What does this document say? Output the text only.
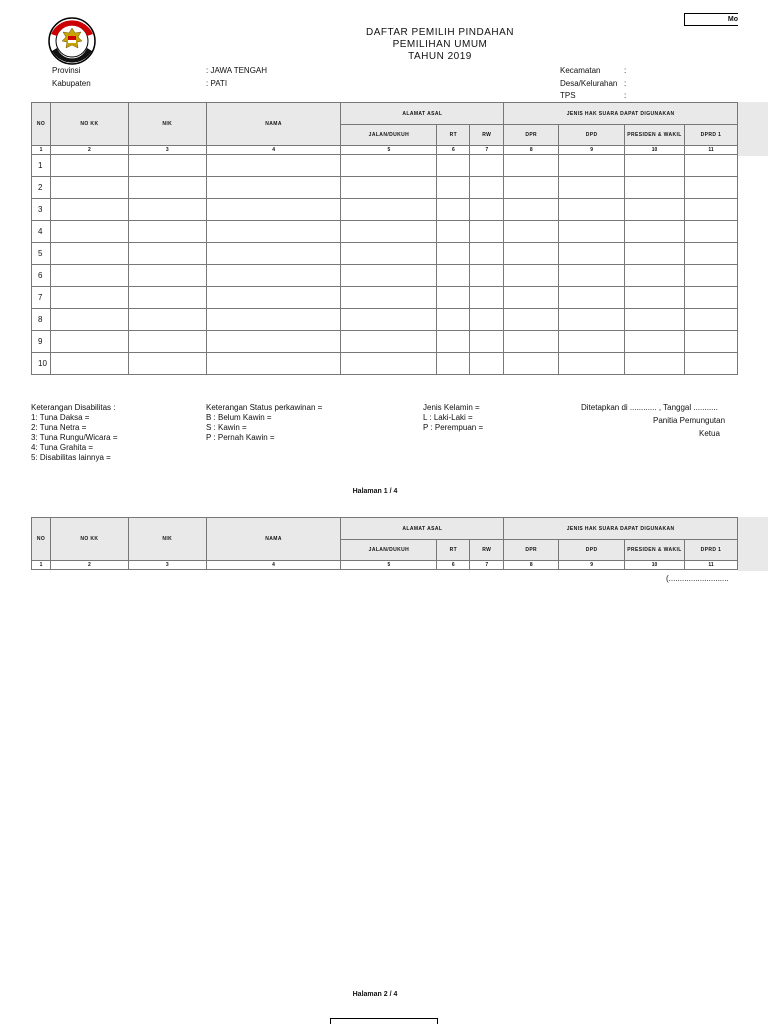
Mo
DAFTAR PEMILIH PINDAHAN
PEMILIHAN UMUM
TAHUN 2019
Provinsi	: JAWA TENGAH
Kabupaten	: PATI
Kecamatan	:
Desa/Kelurahan :
TPS	:
NO	NO KK	NIK	NAMA	ALAMAT ASAL			JENIS HAK SUARA DAPAT DIGUNAKAN			
				JALAN/DUKUH	RT	RW	DPR	DPD	PRESIDEN & WAKIL	DPRD 1
1	2	3	4	5	6	7	8	9	10	11
1										
2										
3										
4										
5										
6										
7										
8										
9										
10										
Keterangan Disabilitas :
1: Tuna Daksa =
2: Tuna Netra =
3: Tuna Rungu/Wicara =
4: Tuna Grahita =
5: Disabilitas lainnya =
Keterangan Status perkawinan =
B : Belum Kawin =
S : Kawin =
P : Pernah Kawin =
Jenis Kelamin =
L : Laki-Laki =
P : Perempuan =
Ditetapkan di ............ , Tanggal ...........
Panitia Pemungutan
Ketua
Halaman 1 / 4
NO	NO KK	NIK	NAMA	ALAMAT ASAL			JENIS HAK SUARA DAPAT DIGUNAKAN			
				JALAN/DUKUH	RT	RW	DPR	DPD	PRESIDEN & WAKIL	DPRD 1
1	2	3	4	5	6	7	8	9	10	11
(...........................
Halaman 2 / 4
